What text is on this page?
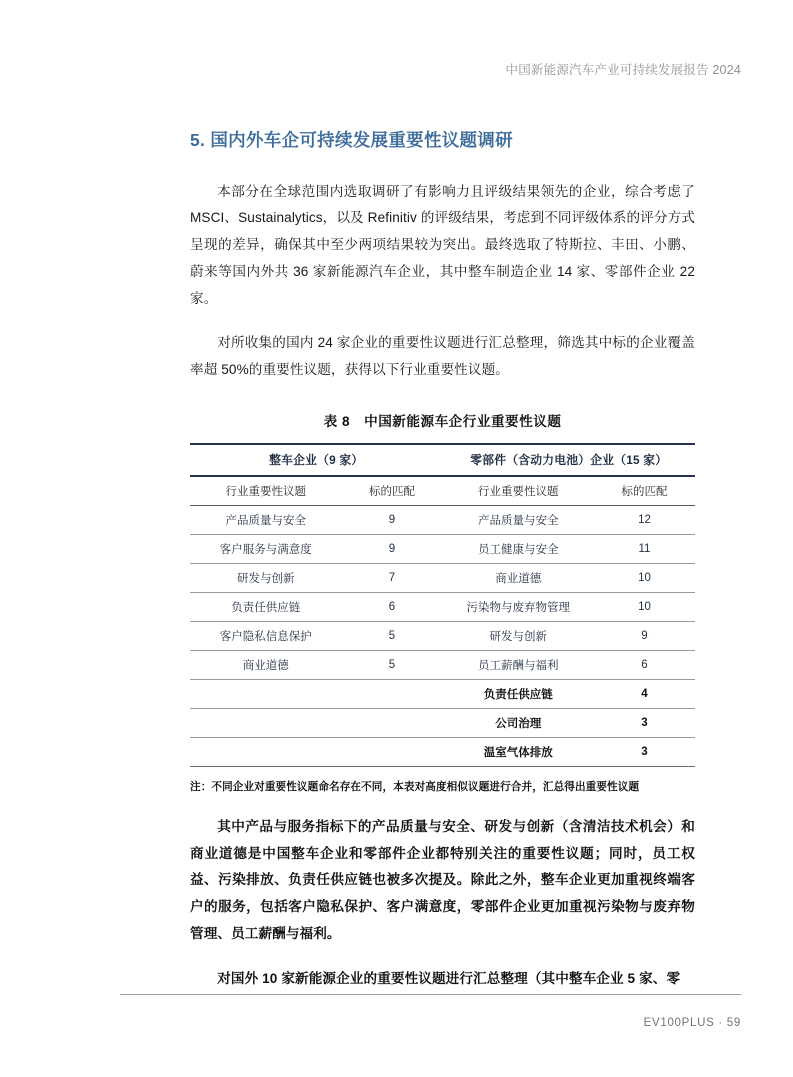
中国新能源汽车产业可持续发展报告 2024
5. 国内外车企可持续发展重要性议题调研

本部分在全球范围内选取调研了有影响力且评级结果领先的企业，综合考虑了 MSCI、Sustainalytics，以及 Refinitiv 的评级结果，考虑到不同评级体系的评分方式呈现的差异，确保其中至少两项结果较为突出。最终选取了特斯拉、丰田、小鹏、蔚来等国内外共 36 家新能源汽车企业，其中整车制造企业 14 家、零部件企业 22 家。

对所收集的国内 24 家企业的重要性议题进行汇总整理，筛选其中标的企业覆盖率超 50%的重要性议题，获得以下行业重要性议题。

表 8　中国新能源车企行业重要性议题
整车企业（9 家）		零部件（含动力电池）企业（15 家）	
行业重要性议题	标的匹配	行业重要性议题	标的匹配
产品质量与安全	9	产品质量与安全	12
客户服务与满意度	9	员工健康与安全	11
研发与创新	7	商业道德	10
负责任供应链	6	污染物与废弃物管理	10
客户隐私信息保护	5	研发与创新	9
商业道德	5	员工薪酬与福利	6
		负责任供应链	4
		公司治理	3
		温室气体排放	3
注：不同企业对重要性议题命名存在不同，本表对高度相似议题进行合并，汇总得出重要性议题

其中产品与服务指标下的产品质量与安全、研发与创新（含清洁技术机会）和商业道德是中国整车企业和零部件企业都特别关注的重要性议题；同时，员工权益、污染排放、负责任供应链也被多次提及。除此之外，整车企业更加重视终端客户的服务，包括客户隐私保护、客户满意度，零部件企业更加重视污染物与废弃物管理、员工薪酬与福利。

对国外 10 家新能源企业的重要性议题进行汇总整理（其中整车企业 5 家、零

EV100PLUS · 59
